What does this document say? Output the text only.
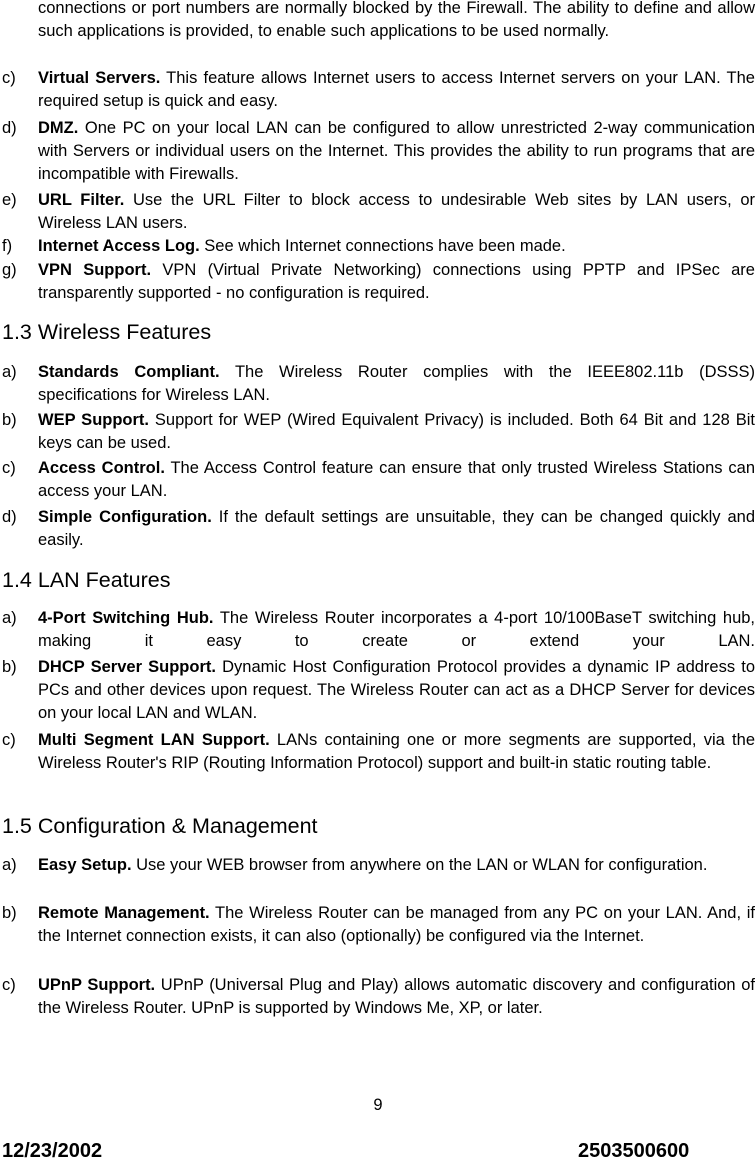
connections or port numbers are normally blocked by the Firewall. The ability to define and allow such applications is provided, to enable such applications to be used normally.
c) Virtual Servers. This feature allows Internet users to access Internet servers on your LAN. The required setup is quick and easy.
d) DMZ. One PC on your local LAN can be configured to allow unrestricted 2-way communication with Servers or individual users on the Internet. This provides the ability to run programs that are incompatible with Firewalls.
e) URL Filter. Use the URL Filter to block access to undesirable Web sites by LAN users, or Wireless LAN users.
f) Internet Access Log. See which Internet connections have been made.
g) VPN Support. VPN (Virtual Private Networking) connections using PPTP and IPSec are transparently supported - no configuration is required.
1.3 Wireless Features
a) Standards Compliant. The Wireless Router complies with the IEEE802.11b (DSSS) specifications for Wireless LAN.
b) WEP Support. Support for WEP (Wired Equivalent Privacy) is included. Both 64 Bit and 128 Bit keys can be used.
c) Access Control. The Access Control feature can ensure that only trusted Wireless Stations can access your LAN.
d) Simple Configuration. If the default settings are unsuitable, they can be changed quickly and easily.
1.4 LAN Features
a) 4-Port Switching Hub. The Wireless Router incorporates a 4-port 10/100BaseT switching hub, making it easy to create or extend your LAN.
b) DHCP Server Support. Dynamic Host Configuration Protocol provides a dynamic IP address to PCs and other devices upon request. The Wireless Router can act as a DHCP Server for devices on your local LAN and WLAN.
c) Multi Segment LAN Support. LANs containing one or more segments are supported, via the Wireless Router's RIP (Routing Information Protocol) support and built-in static routing table.
1.5 Configuration & Management
a) Easy Setup. Use your WEB browser from anywhere on the LAN or WLAN for configuration.
b) Remote Management. The Wireless Router can be managed from any PC on your LAN. And, if the Internet connection exists, it can also (optionally) be configured via the Internet.
c) UPnP Support. UPnP (Universal Plug and Play) allows automatic discovery and configuration of the Wireless Router. UPnP is supported by Windows Me, XP, or later.
9
12/23/2002	2503500600
